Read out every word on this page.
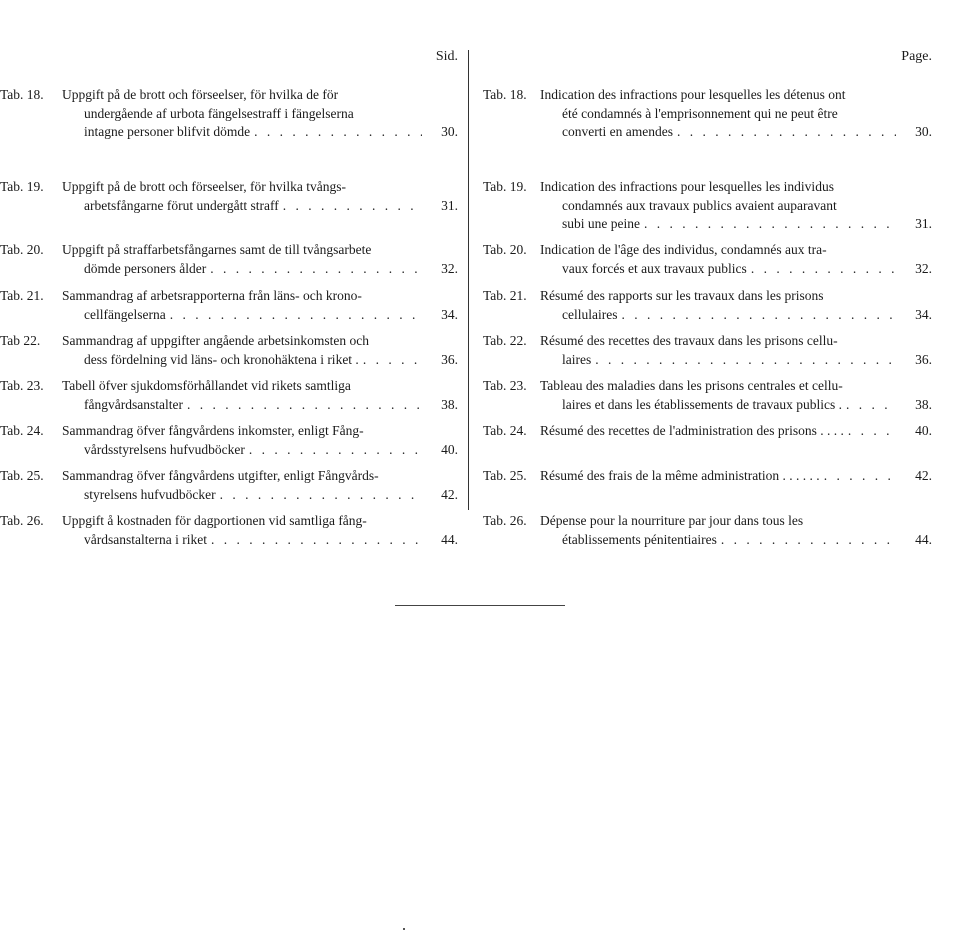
Sid.
Tab. 18.	Uppgift på de brott och förseelser, för hvilka de för
undergående af urbota fängelsestraff i fängelserna
intagne personer blifvit dömde . . .	30.
Tab. 19.	Uppgift på de brott och förseelser, för hvilka tvångs-
arbetsfångarne förut undergått straff . . .	31.
Tab. 20.	Uppgift på straffarbetsfångarnes samt de till tvångsarbete
dömde personers ålder . . .	32.
Tab. 21.	Sammandrag af arbetsrapporterna från läns- och krono-
cellfängelserna . . .	34.
Tab 22.	Sammandrag af uppgifter angående arbetsinkomsten och
dess fördelning vid läns- och kronohäktena i riket . . . .	36.
Tab. 23.	Tabell öfver sjukdomsförhållandet vid rikets samtliga
fångvårdsanstalter . . .	38.
Tab. 24.	Sammandrag öfver fångvårdens inkomster, enligt Fång-
vårdsstyrelsens hufvudböcker . . .	40.
Tab. 25.	Sammandrag öfver fångvårdens utgifter, enligt Fångvårds-
styrelsens hufvudböcker . . .	42.
Tab. 26.	Uppgift å kostnaden för dagportionen vid samtliga fång-
vårdsanstalterna i riket . . .	44.
Page.
Tab. 18. Indication des infractions pour lesquelles les détenus ont
été condamnés à l'emprisonnement qui ne peut être
converti en amendes . . .	30.
Tab. 19. Indication des infractions pour lesquelles les individus
condamnés aux travaux publics avaient auparavant
subi une peine . . .	31.
Tab. 20. Indication de l'âge des individus, condamnés aux tra-
vaux forcés et aux travaux publics . . .	32.
Tab. 21. Résumé des rapports sur les travaux dans les prisons
cellulaires . . .	34.
Tab. 22. Résumé des recettes des travaux dans les prisons cellu-
laires . . .	36.
Tab. 23. Tableau des maladies dans les prisons centrales et cellu-
laires et dans les établissements de travaux publics . . . .	38.
Tab. 24. Résumé des recettes de l'administration des prisons . . . . . . .	40.
Tab. 25. Résumé des frais de la même administration . . . . . . . . .	42.
Tab. 26. Dépense pour la nourriture par jour dans tous les
établissements pénitentiaires . . .	44.
